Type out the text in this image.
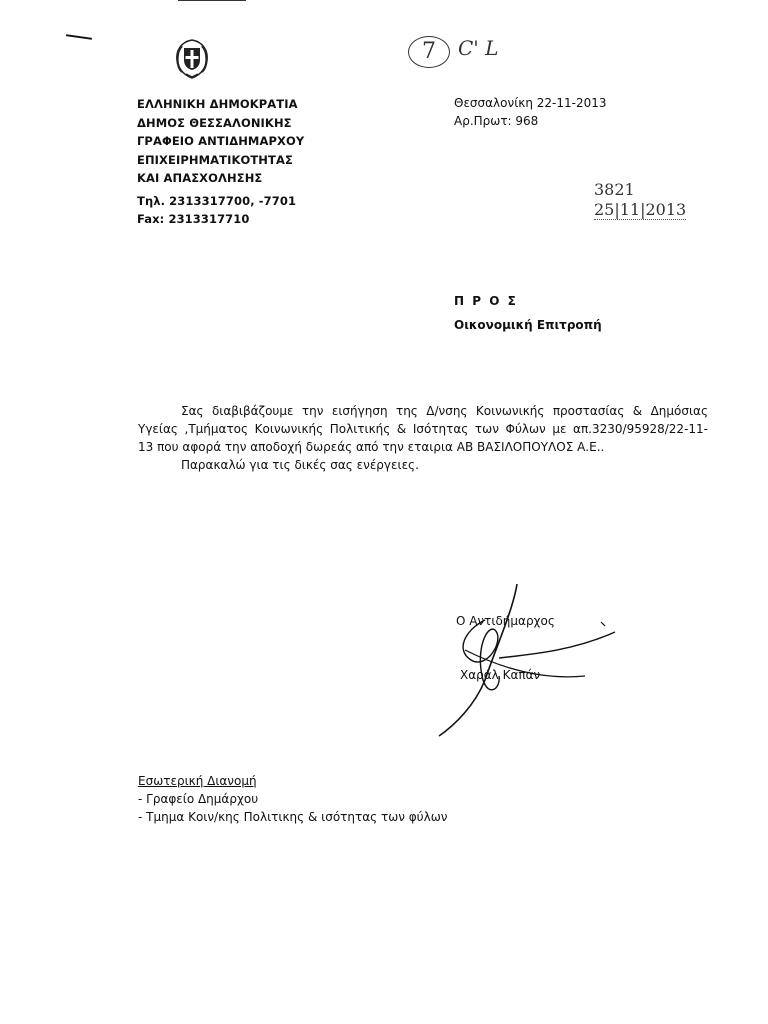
ΕΛΛΗΝΙΚΗ ΔΗΜΟΚΡΑΤΙΑ
ΔΗΜΟΣ ΘΕΣΣΑΛΟΝΙΚΗΣ
ΓΡΑΦΕΙΟ ΑΝΤΙΔΗΜΑΡΧΟΥ
ΕΠΙΧΕΙΡΗΜΑΤΙΚΟΤΗΤΑΣ
ΚΑΙ ΑΠΑΣΧΟΛΗΣΗΣ
Τηλ. 2313317700, -7701
Fax: 2313317710
Θεσσαλονίκη 22-11-2013
Αρ.Πρωτ: 968
7	C' L
3821
25|11|2013
Π Ρ Ο Σ
Οικονομική Επιτροπή
Σας διαβιβάζουμε την εισήγηση της Δ/νσης Κοινωνικής προστασίας & Δημόσιας
Υγείας ,Τμήματος Κοινωνικής Πολιτικής & Ισότητας των Φύλων με απ.3230/95928/22-11-
13 που αφορά την αποδοχή δωρεάς από την εταιρια ΑΒ ΒΑΣΙΛΟΠΟΥΛΟΣ Α.Ε..
Παρακαλώ για τις δικές σας ενέργειες.
Ο Αντιδήμαρχος
Χαράλ Καπάν
Εσωτερική Διανομή
- Γραφείο Δημάρχου
- Τμημα Κοιν/κης Πολιτικης & ισότητας των φύλων
